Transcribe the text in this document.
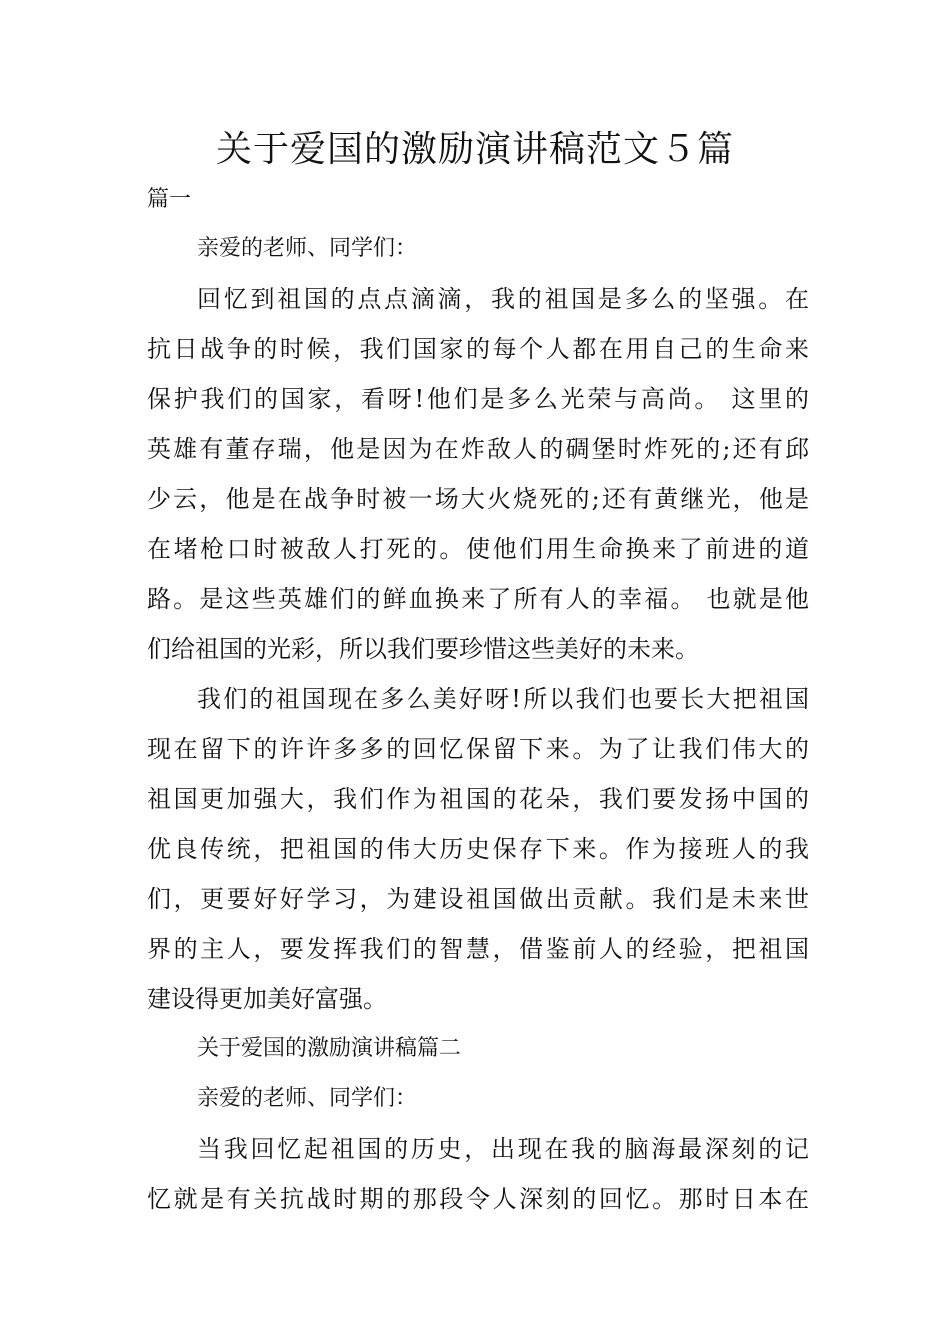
关于爱国的激励演讲稿范文５篇
篇一
亲爱的老师、同学们：
回忆到祖国的点点滴滴，我的祖国是多么的坚强。在
抗日战争的时候，我们国家的每个人都在用自己的生命来
保护我们的国家，看呀!他们是多么光荣与高尚。 这里的
英雄有董存瑞，他是因为在炸敌人的碉堡时炸死的;还有邱
少云，他是在战争时被一场大火烧死的;还有黄继光，他是
在堵枪口时被敌人打死的。使他们用生命换来了前进的道
路。是这些英雄们的鲜血换来了所有人的幸福。 也就是他
们给祖国的光彩，所以我们要珍惜这些美好的未来。
我们的祖国现在多么美好呀!所以我们也要长大把祖国
现在留下的许许多多的回忆保留下来。为了让我们伟大的
祖国更加强大，我们作为祖国的花朵，我们要发扬中国的
优良传统，把祖国的伟大历史保存下来。作为接班人的我
们，更要好好学习，为建设祖国做出贡献。我们是未来世
界的主人，要发挥我们的智慧，借鉴前人的经验，把祖国
建设得更加美好富强。
关于爱国的激励演讲稿篇二
亲爱的老师、同学们：
当我回忆起祖国的历史，出现在我的脑海最深刻的记
忆就是有关抗战时期的那段令人深刻的回忆。那时日本在
